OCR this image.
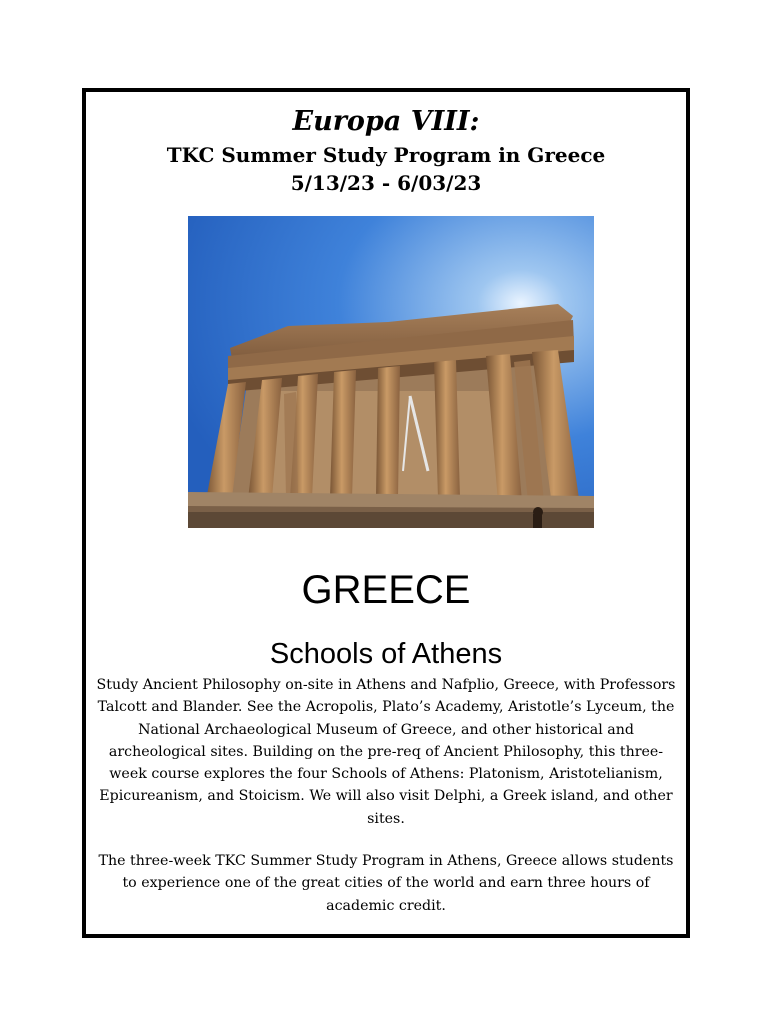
Europa VIII:
TKC Summer Study Program in Greece
5/13/23 - 6/03/23
GREECE
Schools of Athens
Study Ancient Philosophy on-site in Athens and Nafplio, Greece, with Professors Talcott and Blander. See the Acropolis, Plato’s Academy, Aristotle’s Lyceum, the National Archaeological Museum of Greece, and other historical and archeological sites. Building on the pre-req of Ancient Philosophy, this three-week course explores the four Schools of Athens: Platonism, Aristotelianism, Epicureanism, and Stoicism. We will also visit Delphi, a Greek island, and other sites.
The three-week TKC Summer Study Program in Athens, Greece allows students to experience one of the great cities of the world and earn three hours of academic credit.
